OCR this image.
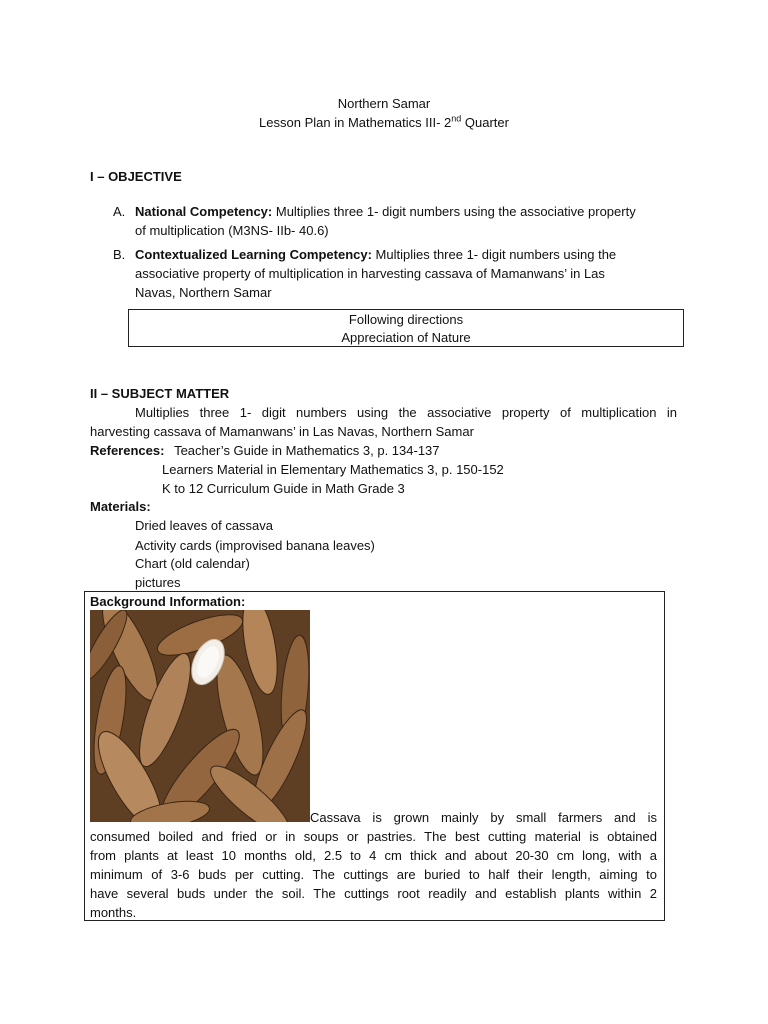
Northern Samar
Lesson Plan in Mathematics III- 2nd Quarter
I – OBJECTIVE
A. National Competency: Multiplies three 1- digit numbers using the associative property
of multiplication (M3NS- IIb- 40.6)
B. Contextualized Learning Competency: Multiplies three 1- digit numbers using the
associative property of multiplication in harvesting cassava of Mamanwans’ in Las
Navas, Northern Samar
Following directions
Appreciation of Nature
II – SUBJECT MATTER
Multiplies three 1- digit numbers using the associative property of multiplication in
harvesting cassava of Mamanwans’ in Las Navas, Northern Samar
References: Teacher’s Guide in Mathematics 3, p. 134-137
Learners Material in Elementary Mathematics 3, p. 150-152
K to 12 Curriculum Guide in Math Grade 3
Materials:
Dried leaves of cassava
Activity cards (improvised banana leaves)
Chart (old calendar)
pictures
Background Information:
Cassava is grown mainly by small farmers and is
consumed boiled and fried or in soups or pastries. The best cutting material is obtained
from plants at least 10 months old, 2.5 to 4 cm thick and about 20-30 cm long, with a
minimum of 3-6 buds per cutting. The cuttings are buried to half their length, aiming to
have several buds under the soil. The cuttings root readily and establish plants within 2
months.
